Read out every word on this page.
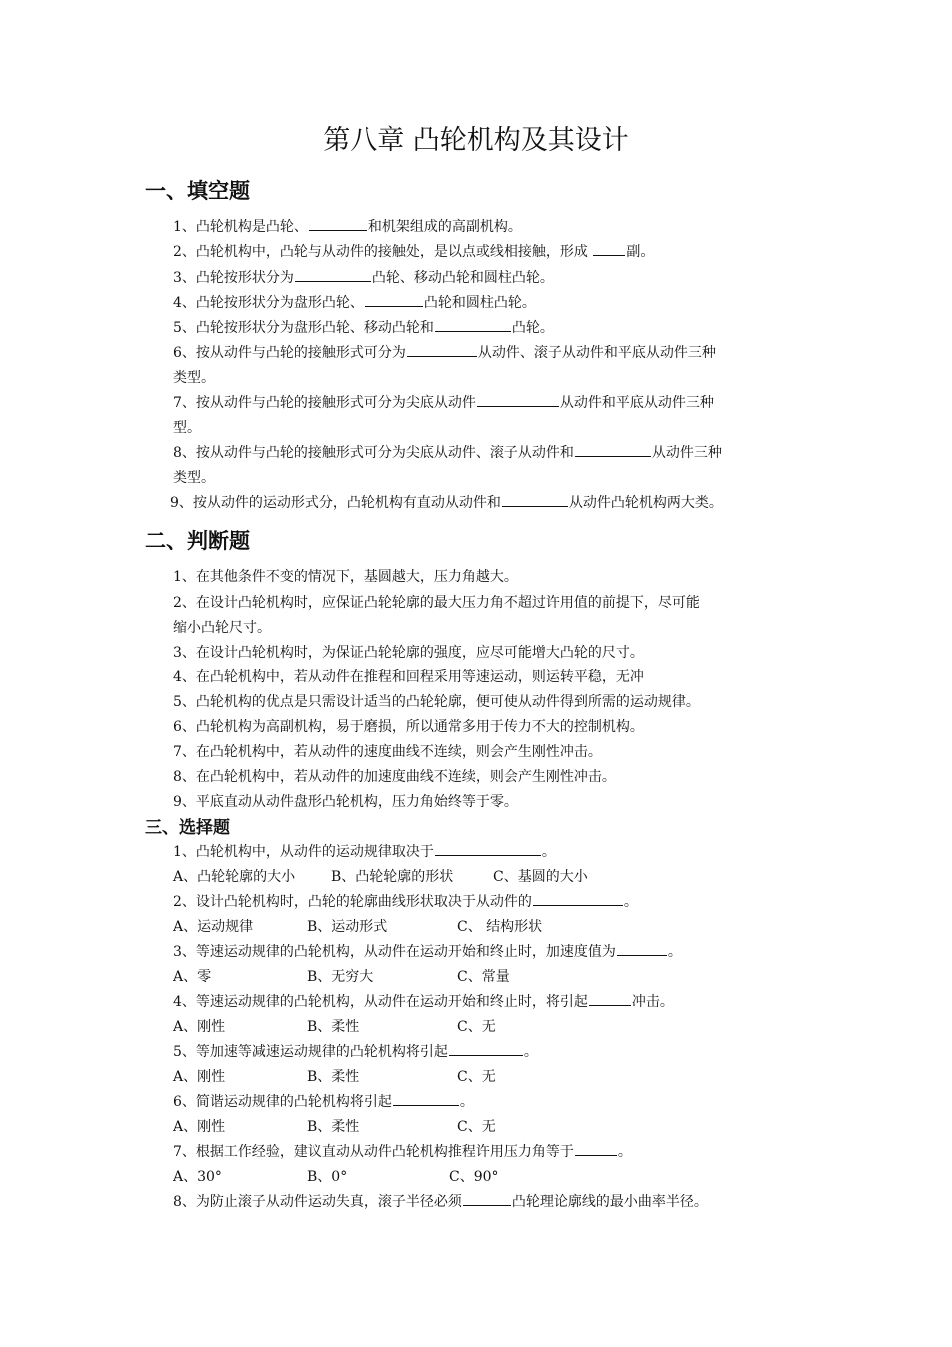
第八章 凸轮机构及其设计
一、填空题
1、凸轮机构是凸轮、	和机架组成的高副机构。
2、凸轮机构中，凸轮与从动件的接触处，是以点或线相接触，形成 副。
3、凸轮按形状分为	凸轮、移动凸轮和圆柱凸轮。
4、凸轮按形状分为盘形凸轮、	凸轮和圆柱凸轮。
5、凸轮按形状分为盘形凸轮、移动凸轮和	凸轮。
6、按从动件与凸轮的接触形式可分为	从动件、滚子从动件和平底从动件三种
类型。
7、按从动件与凸轮的接触形式可分为尖底从动件	从动件和平底从动件三种
型。
8、按从动件与凸轮的接触形式可分为尖底从动件、滚子从动件和	从动件三种
类型。
9、按从动件的运动形式分，凸轮机构有直动从动件和	从动件凸轮机构两大类。
二、判断题
1、在其他条件不变的情况下，基圆越大，压力角越大。
2、在设计凸轮机构时，应保证凸轮轮廓的最大压力角不超过许用值的前提下，尽可能
缩小凸轮尺寸。
3、在设计凸轮机构时，为保证凸轮轮廓的强度，应尽可能增大凸轮的尺寸。
4、在凸轮机构中，若从动件在推程和回程采用等速运动，则运转平稳，无冲
5、凸轮机构的优点是只需设计适当的凸轮轮廓，便可使从动件得到所需的运动规律。
6、凸轮机构为高副机构，易于磨损，所以通常多用于传力不大的控制机构。
7、在凸轮机构中，若从动件的速度曲线不连续，则会产生刚性冲击。
8、在凸轮机构中，若从动件的加速度曲线不连续，则会产生刚性冲击。
9、平底直动从动件盘形凸轮机构，压力角始终等于零。
三、选择题
1、凸轮机构中，从动件的运动规律取决于	。
A、凸轮轮廓的大小	B、凸轮轮廓的形状	C、基圆的大小
2、设计凸轮机构时，凸轮的轮廓曲线形状取决于从动件的	。
A、运动规律	B、运动形式	C、 结构形状
3、等速运动规律的凸轮机构，从动件在运动开始和终止时，加速度值为	。
A、零	B、无穷大	C、常量
4、等速运动规律的凸轮机构，从动件在运动开始和终止时，将引起	冲击。
A、刚性	B、柔性	C、无
5、等加速等减速运动规律的凸轮机构将引起	。
A、刚性	B、柔性	C、无
6、简谐运动规律的凸轮机构将引起	。
A、刚性	B、柔性	C、无
7、根据工作经验，建议直动从动件凸轮机构推程许用压力角等于	。
A、30°	B、0°	C、90°
8、为防止滚子从动件运动失真，滚子半径必须	凸轮理论廓线的最小曲率半径。
